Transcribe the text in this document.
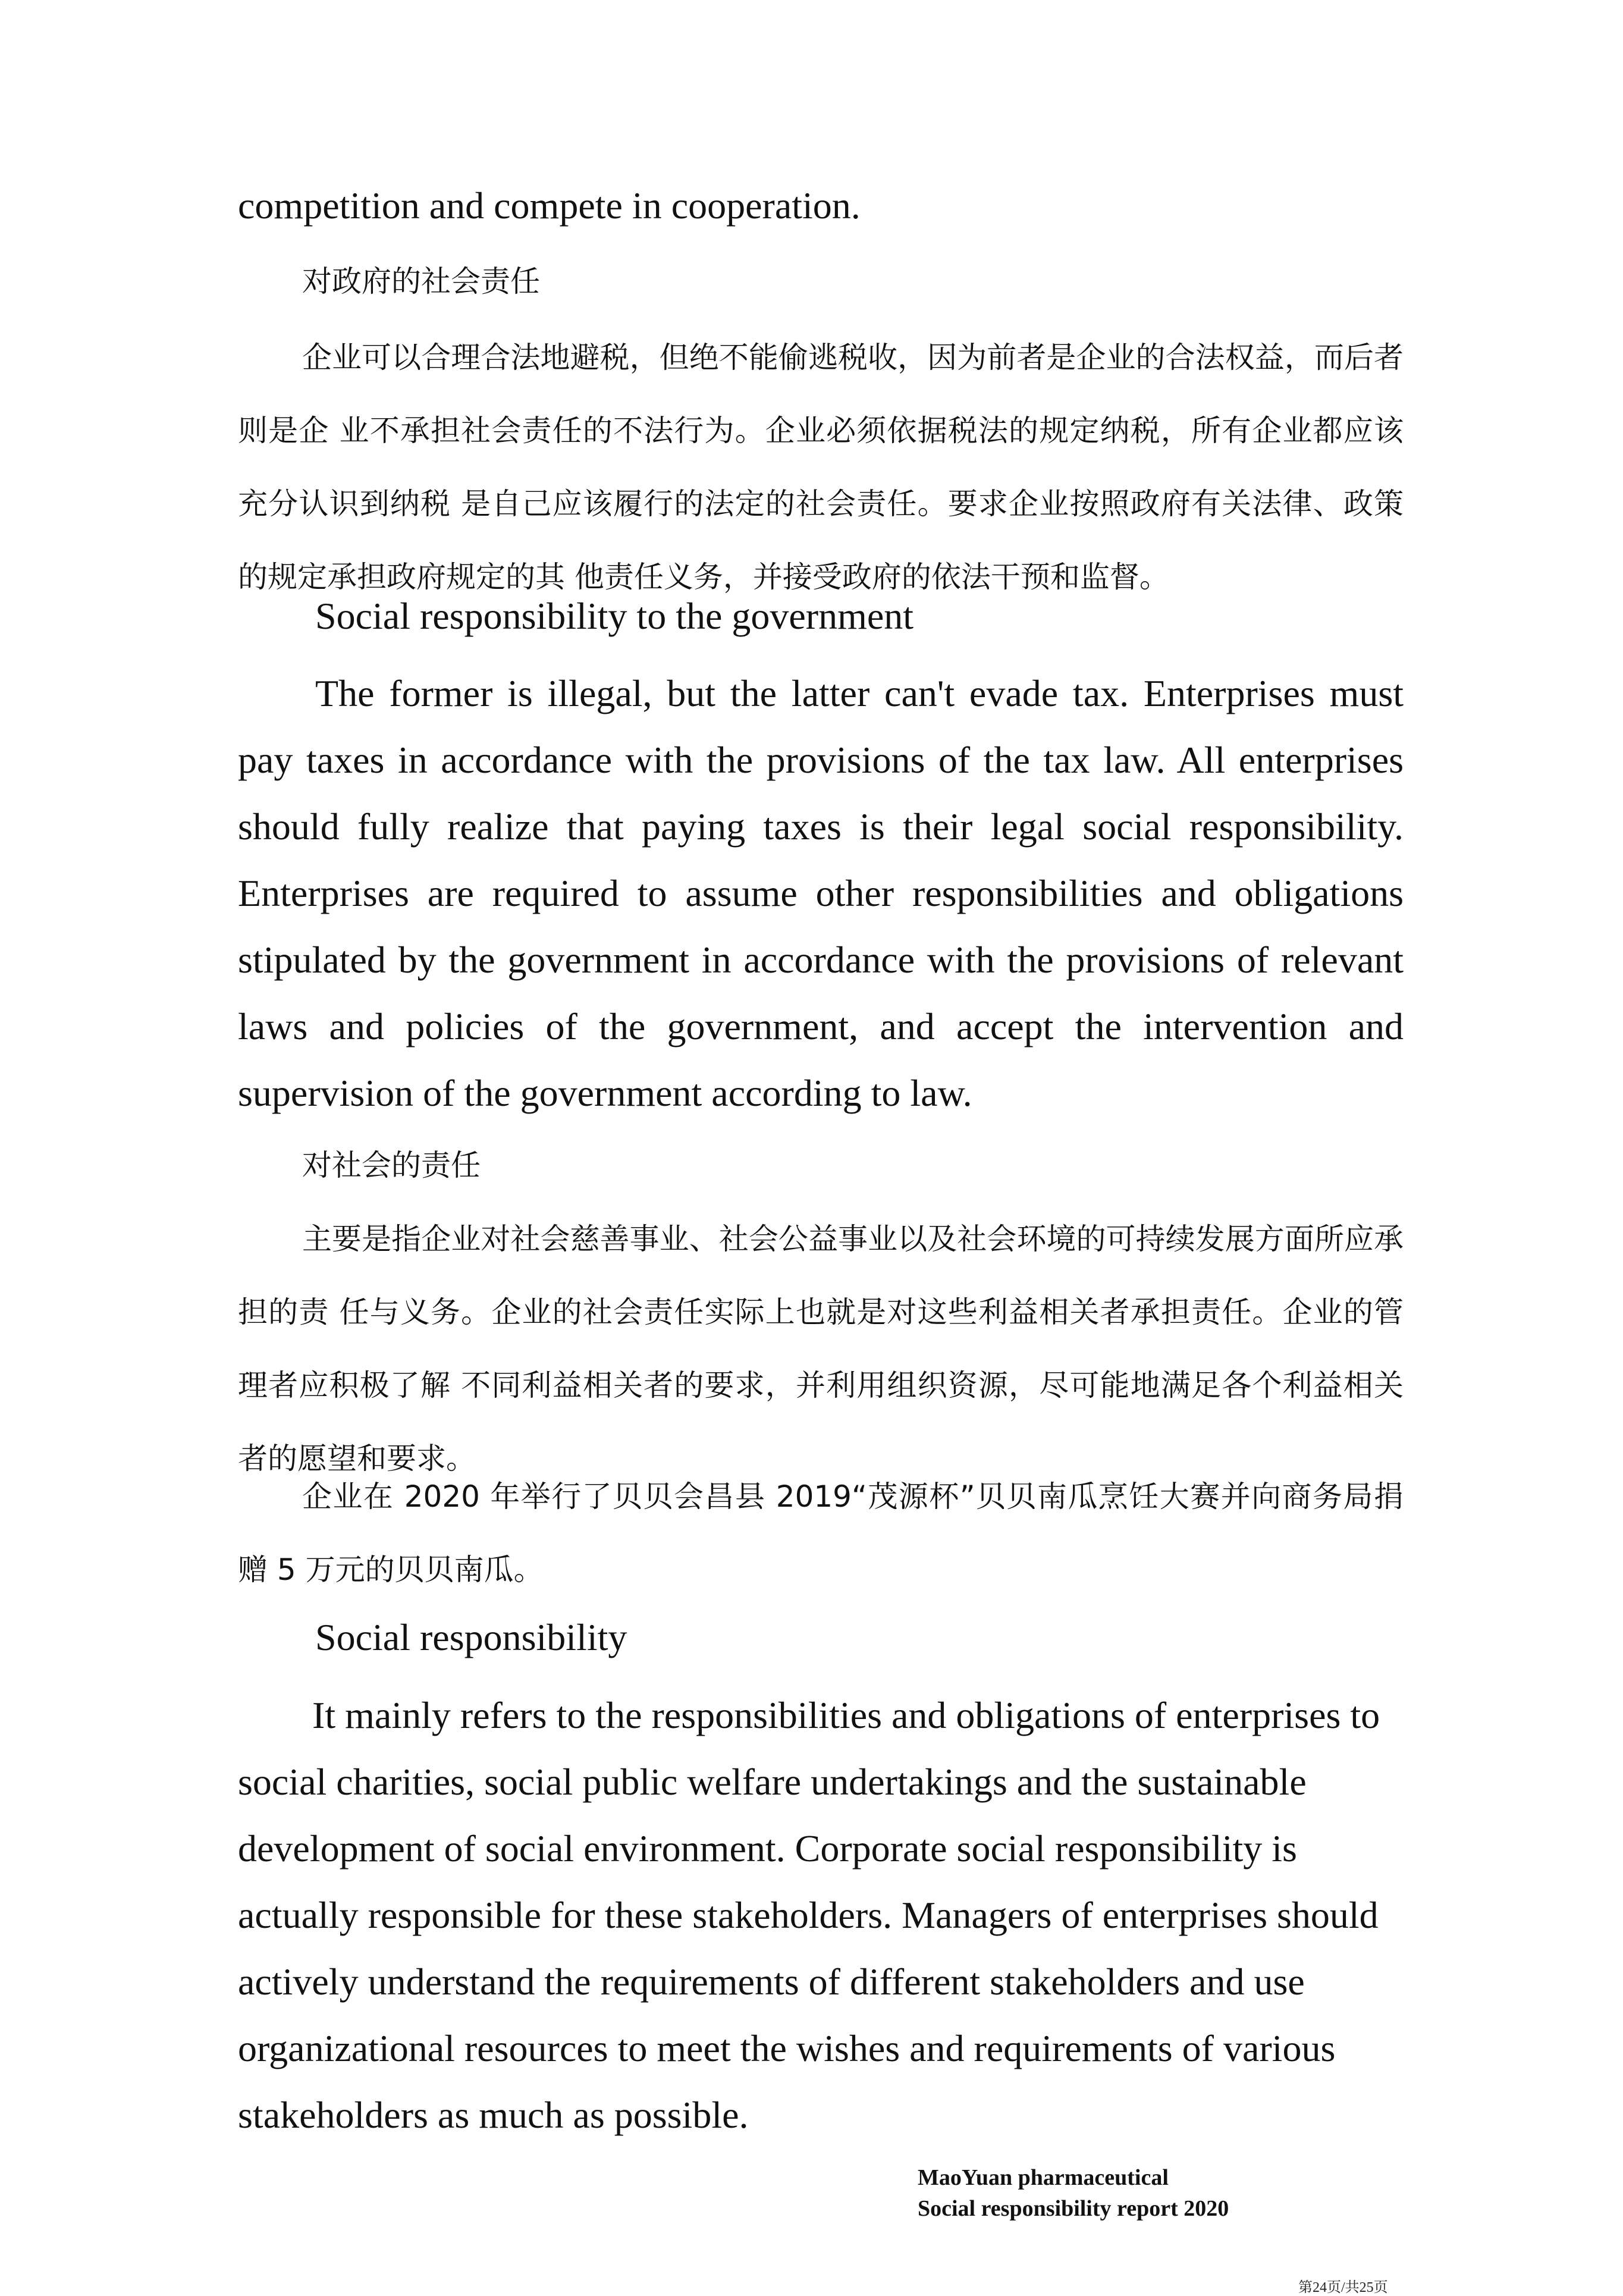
competition and compete in cooperation.

对政府的社会责任

企业可以合理合法地避税，但绝不能偷逃税收，因为前者是企业的合法权益，而后者则是企 业不承担社会责任的不法行为。企业必须依据税法的规定纳税，所有企业都应该充分认识到纳税 是自己应该履行的法定的社会责任。要求企业按照政府有关法律、政策的规定承担政府规定的其 他责任义务，并接受政府的依法干预和监督。

Social responsibility to the government

The former is illegal, but the latter can't evade tax. Enterprises must pay taxes in accordance with the provisions of the tax law. All enterprises should fully realize that paying taxes is their legal social responsibility. Enterprises are required to assume other responsibilities and obligations stipulated by the government in accordance with the provisions of relevant laws and policies of the government, and accept the intervention and supervision of the government according to law.

对社会的责任

主要是指企业对社会慈善事业、社会公益事业以及社会环境的可持续发展方面所应承担的责 任与义务。企业的社会责任实际上也就是对这些利益相关者承担责任。企业的管理者应积极了解 不同利益相关者的要求，并利用组织资源，尽可能地满足各个利益相关者的愿望和要求。

企业在 2020 年举行了贝贝会昌县 2019“茂源杯”贝贝南瓜烹饪大赛并向商务局捐赠 5 万元的贝贝南瓜。

Social responsibility

It mainly refers to the responsibilities and obligations of enterprises to
social charities, social public welfare undertakings and the sustainable
development of social environment. Corporate social responsibility is
actually responsible for these stakeholders. Managers of enterprises should
actively understand the requirements of different stakeholders and use
organizational resources to meet the wishes and requirements of various
stakeholders as much as possible.
MaoYuan pharmaceutical
Social responsibility report 2020
第24页/共25页
